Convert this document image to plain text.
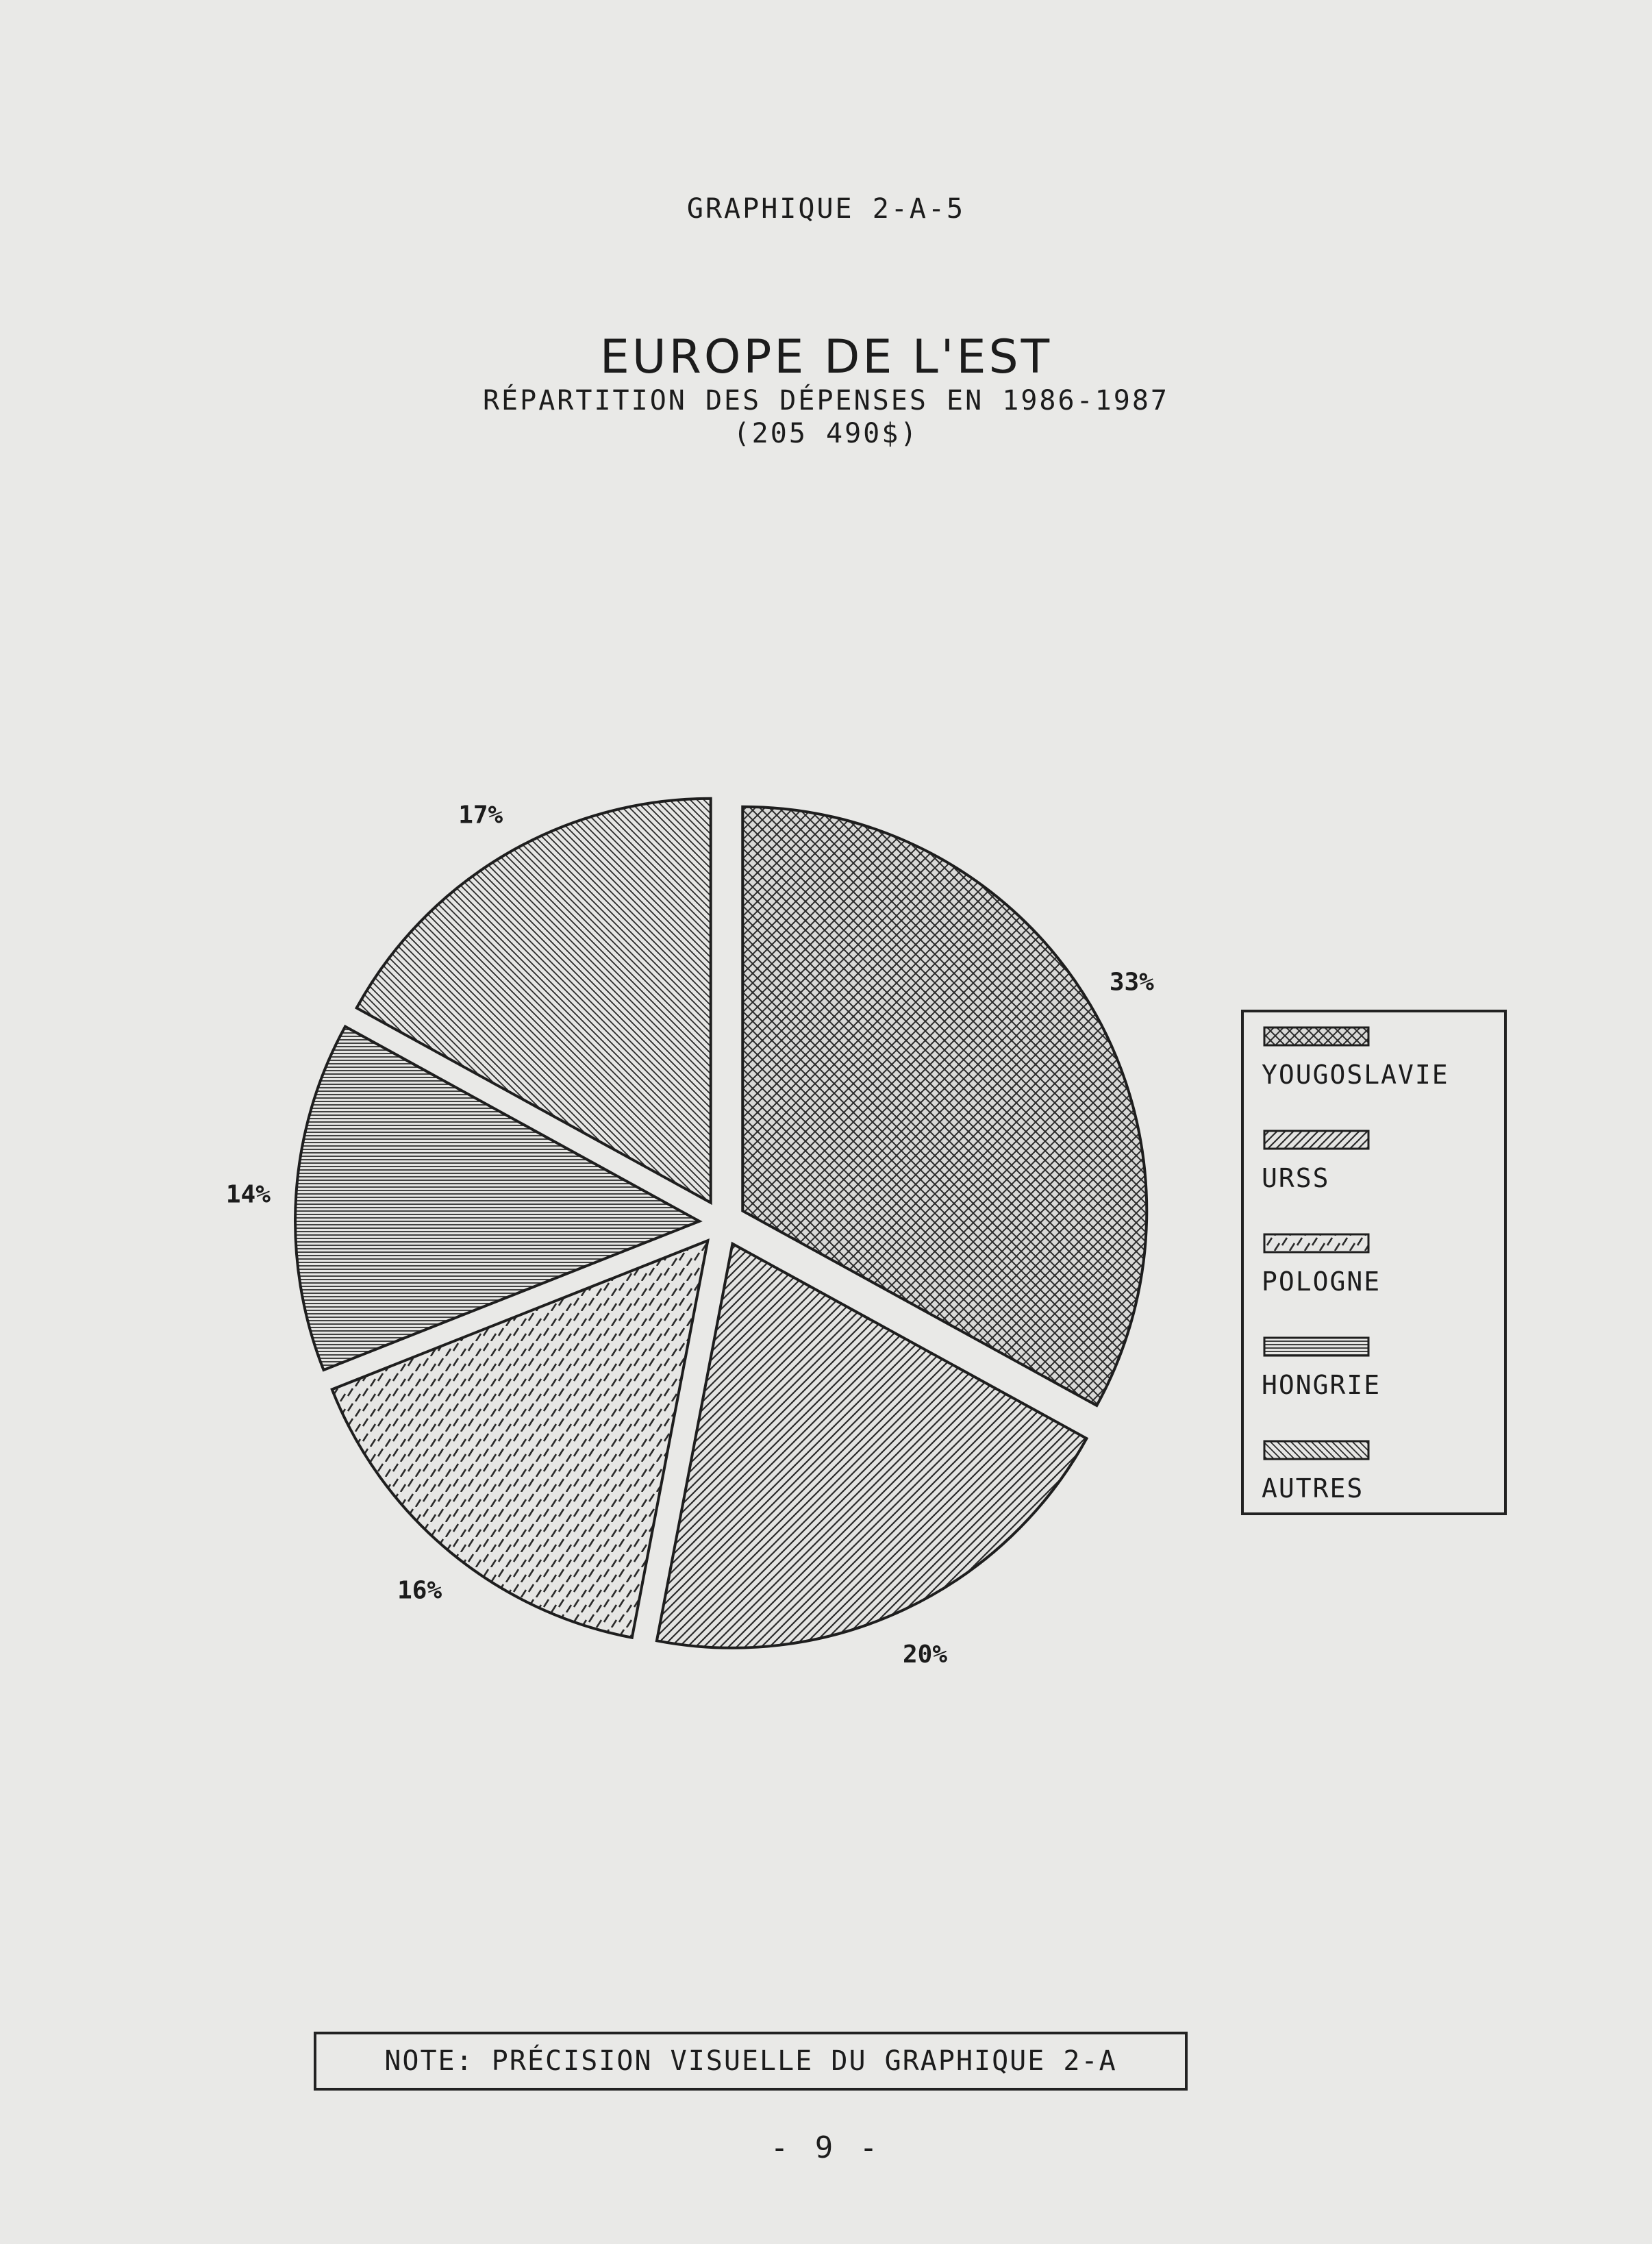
GRAPHIQUE 2-A-5
EUROPE DE L'EST
RÉPARTITION DES DÉPENSES EN 1986-1987
(205 490$)
33%
20%
16%
14%
17%
YOUGOSLAVIE
URSS
POLOGNE
HONGRIE
AUTRES
NOTE: PRÉCISION VISUELLE DU GRAPHIQUE 2-A
- 9 -
